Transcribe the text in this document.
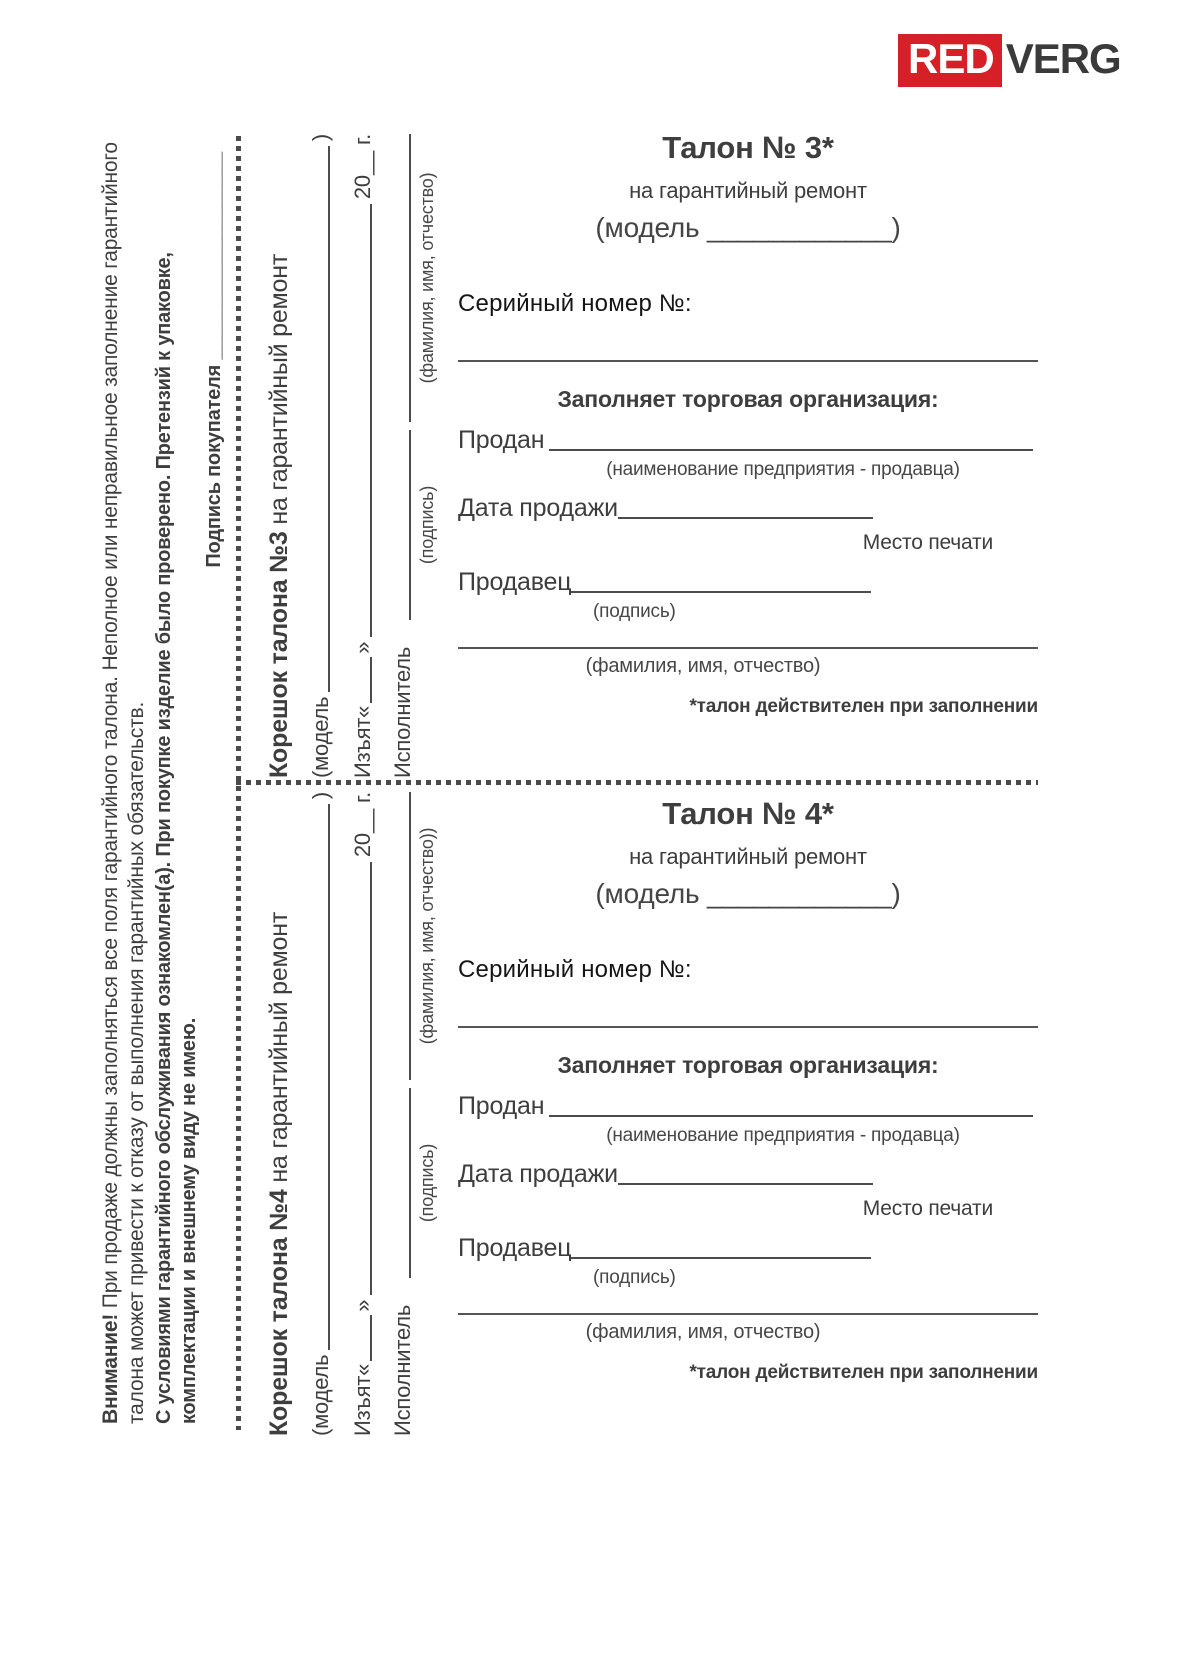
RED VERG

Внимание! При продаже должны заполняться все поля гарантийного талона. Неполное или неправильное заполнение гарантийного талона может привести к отказу от выполнения гарантийных обязательств. С условиями гарантийного обслуживания ознакомлен(а). При покупке изделие было проверено. Претензий к упаковке, комплектации и внешнему виду не имею.

Подпись покупателя ___________________

Корешок талона №3 на гарантийный ремонт
(модель
)
Изъят«
»
20__ г.
Исполнитель
(подпись)
(фамилия, имя, отчество)
Корешок талона №4 на гарантийный ремонт
(модель
)
Изъят«
»
20__ г.
Исполнитель
(подпись)
(фамилия, имя, отчество))
Талон № 3*
на гарантийный ремонт
(модель ____________)
Серийный номер №:
Заполняет торговая организация:
Продан
(наименование предприятия - продавца)
Дата продажи
Место печати
Продавец
(подпись)
(фамилия, имя, отчество)
*талон действителен при заполнении
Талон № 4*
на гарантийный ремонт
(модель ____________)
Серийный номер №:
Заполняет торговая организация:
Продан
(наименование предприятия - продавца)
Дата продажи
Место печати
Продавец
(подпись)
(фамилия, имя, отчество)
*талон действителен при заполнении
